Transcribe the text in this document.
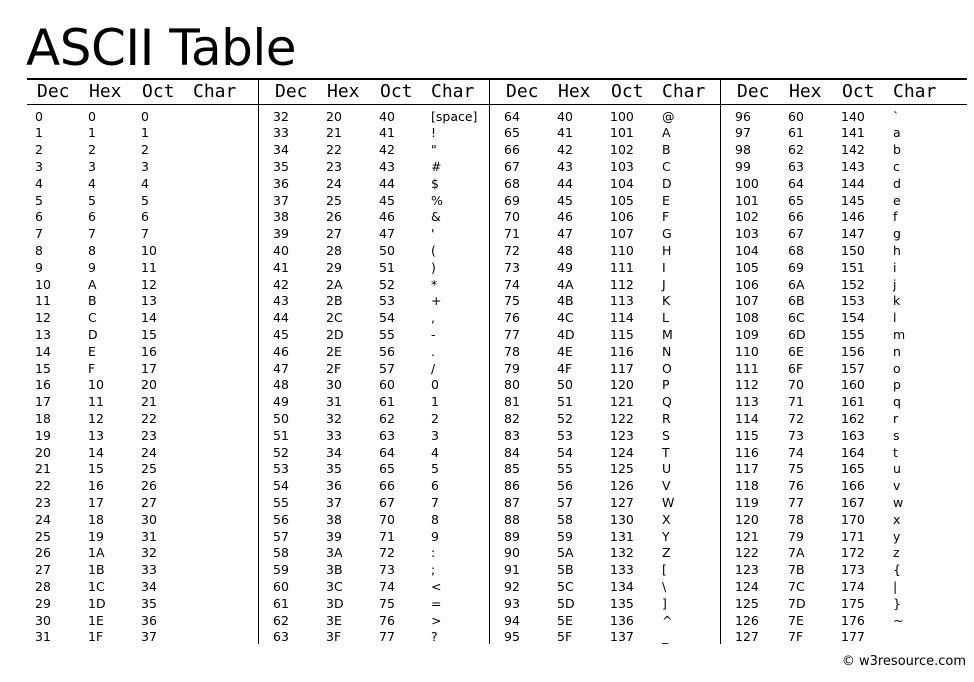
ASCII Table
Dec Hex Oct Char
0	0	0
1	1	1
2	2	2
3	3	3
4	4	4
5	5	5
6	6	6
7	7	7
8	8	10
9	9	11
10	A	12
11	B	13
12	C	14
13	D	15
14	E	16
15	F	17
16	10	20
17	11	21
18	12	22
19	13	23
20	14	24
21	15	25
22	16	26
23	17	27
24	18	30
25	19	31
26	1A	32
27	1B	33
28	1C	34
29	1D	35
30	1E	36
31	1F	37
Dec Hex Oct Char
32	20	40	[space]
33	21	41	!
34	22	42	"
35	23	43	#
36	24	44	$
37	25	45	%
38	26	46	&
39	27	47	'
40	28	50	(
41	29	51	)
42	2A	52	*
43	2B	53	+
44	2C	54	,
45	2D	55	-
46	2E	56	.
47	2F	57	/
48	30	60	0
49	31	61	1
50	32	62	2
51	33	63	3
52	34	64	4
53	35	65	5
54	36	66	6
55	37	67	7
56	38	70	8
57	39	71	9
58	3A	72	:
59	3B	73	;
60	3C	74	<
61	3D	75	=
62	3E	76	>
63	3F	77	?
Dec Hex Oct Char
64	40	100 @
65	41	101 A
66	42	102 B
67	43	103 C
68	44	104 D
69	45	105 E
70	46	106 F
71	47	107 G
72	48	110 H
73	49	111 I
74	4A	112 J
75	4B	113 K
76	4C	114 L
77	4D	115 M
78	4E	116 N
79	4F	117 O
80	50	120 P
81	51	121 Q
82	52	122 R
83	53	123 S
84	54	124 T
85	55	125 U
86	56	126 V
87	57	127 W
88	58	130 X
89	59	131 Y
90	5A	132 Z
91	5B	133 [
92	5C	134 \
93	5D	135 ]
94	5E	136 ^
95	5F	137 _
Dec Hex Oct Char
96	60	140 `
97	61	141 a
98	62	142 b
99	63	143 c
100 64	144 d
101 65	145 e
102 66	146 f
103 67	147 g
104 68	150 h
105 69	151 i
106 6A	152 j
107 6B	153 k
108 6C	154 l
109 6D	155 m
110 6E	156 n
111 6F	157 o
112 70	160 p
113 71	161 q
114 72	162 r
115 73	163 s
116 74	164 t
117 75	165 u
118 76	166 v
119 77	167 w
120 78	170 x
121 79	171 y
122 7A	172 z
123 7B	173 {
124 7C	174 |
125 7D	175 }
126 7E	176 ~
127 7F	177
© w3resource.com
